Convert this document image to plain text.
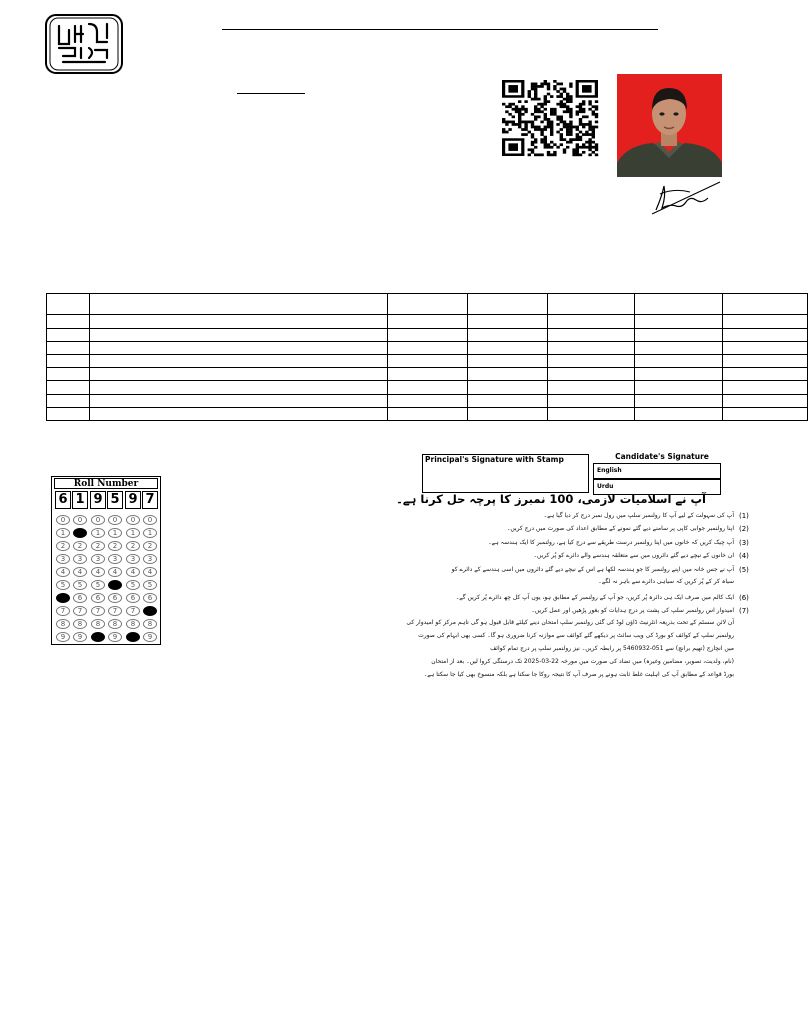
Roll Number
6 1 9 5 9 7
0	0	0	0	0	0
1	1	1	1	1	1
2	2	2	2	2	2
3	3	3	3	3	3
4	4	4	4	4	4
5	5	5	5	5	5
6	6	6	6	6	6
7	7	7	7	7	7
8	8	8	8	8	8
9	9	9	9	9	9
Principal's Signature with Stamp	Candidate's Signature
English
Urdu
آپ نے اسلامیات لازمی، 100 نمبرز کا پرچہ حل کرنا ہے۔
(1)
(2)
(3)
(4)
(5)
(6)
(7)
آپ کی سہولت کے لیے آپ کا رولنمبر سلپ میں رول نمبر درج کر دیا گیا ہے۔
اپنا رولنمبر جوابی کاپی پر سامنے دیے گئے نمونے کے مطابق اعداد کی صورت میں درج کریں۔
آپ چیک کریں کہ خانوں میں اپنا رولنمبر درست طریقے سے درج کیا ہے، رولنمبر کا ایک ہندسہ ہے۔
ان خانوں کے نیچے دیے گئے دائروں میں سے متعلقہ ہندسے والے دائرے کو پُر کریں۔
آپ نے جس خانہ میں اپنے رولنمبر کا جو ہندسہ لکھا ہے اس کے نیچے دیے گئے دائروں میں اسی ہندسے کے دائرے کو
سیاہ کر کے پُر کریں کہ سیاہی دائرے سے باہر نہ لگے۔
ایک کالم میں صرف ایک ہی دائرہ پُر کریں، جو آپ کے رولنمبر کے مطابق ہو، یوں آپ کل چھ دائرے پُر کریں گے۔
امیدوار اس رولنمبر سلپ کی پشت پر درج ہدایات کو بغور پڑھیں اور عمل کریں۔
آن لائن سسٹم کے تحت بذریعہ انٹرنیٹ ڈاؤن لوڈ کی گئی رولنمبر سلپ امتحان دینے کیلئے قابل قبول ہو گی تاہم مرکز کو امیدوار کی
رولنمبر سلپ کے کوائف کو بورڈ کی ویب سائٹ پر دیکھے گئے کوائف سے موازنہ کرنا ضروری ہو گا۔ کسی بھی ابہام کی صورت
میں انچارج (تھیم برانچ) سے 051-5460932 پر رابطہ کریں۔ نیز رولنمبر سلپ پر درج تمام کوائف
(نام، ولدیت، تصویر، مضامین وغیرہ) میں تضاد کی صورت میں مورخہ 22-03-2025 تک درستگی کروا لیں۔ بعد از امتحان
بورڈ قواعد کے مطابق آپ کی اہلیت غلط ثابت ہونے پر صرف آپ کا نتیجہ روکا جا سکتا ہے بلکہ منسوخ بھی کیا جا سکتا ہے۔
